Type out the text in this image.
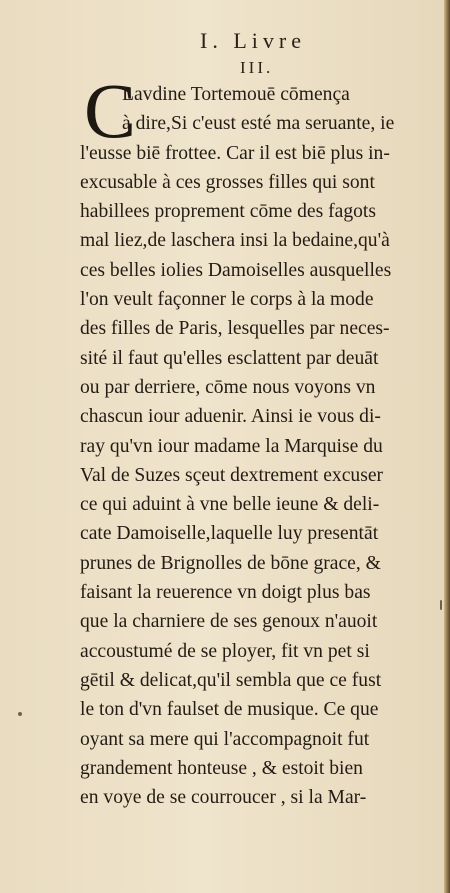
I. Livre
III.
C
Lavdine Tortemouē cōmença
à dire,Si c'eust esté ma seruante, ie
l'eusse biē frottee. Car il est biē plus in-
excusable à ces grosses filles qui sont
habillees proprement cōme des fagots
mal liez,de laschera insi la bedaine,qu'à
ces belles iolies Damoiselles ausquelles
l'on veult façonner le corps à la mode
des filles de Paris, lesquelles par neces-
sité il faut qu'elles esclattent par deuāt
ou par derriere, cōme nous voyons vn
chascun iour aduenir. Ainsi ie vous di-
ray qu'vn iour madame la Marquise du
Val de Suzes sçeut dextrement excuser
ce qui aduint à vne belle ieune & deli-
cate Damoiselle,laquelle luy presentāt
prunes de Brignolles de bōne grace, &
faisant la reuerence vn doigt plus bas
que la charniere de ses genoux n'auoit
accoustumé de se ployer, fit vn pet si
gētil & delicat,qu'il sembla que ce fust
le ton d'vn faulset de musique. Ce que
oyant sa mere qui l'accompagnoit fut
grandement honteuse , & estoit bien
en voye de se courroucer , si la Mar-
